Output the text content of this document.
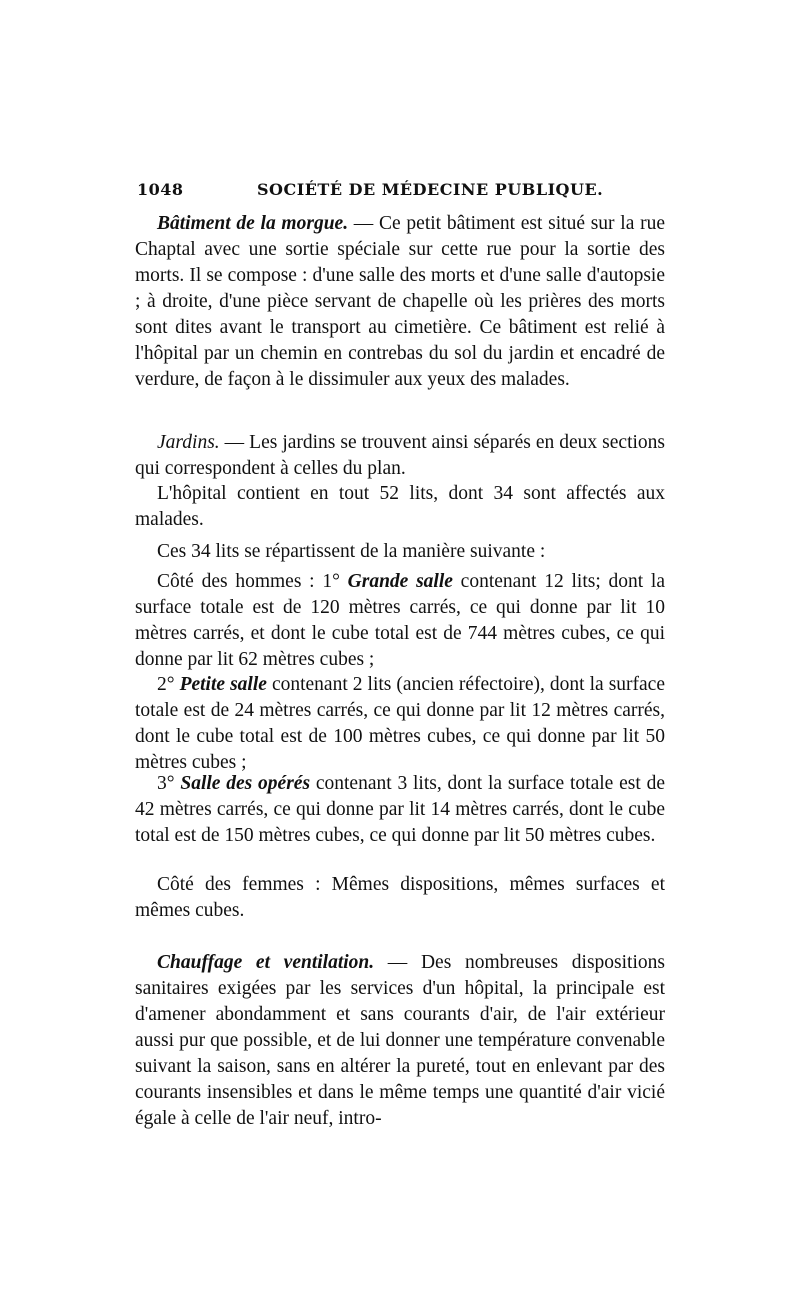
1048	SOCIÉTÉ DE MÉDECINE PUBLIQUE.

Bâtiment de la morgue. — Ce petit bâtiment est situé sur la rue Chaptal avec une sortie spéciale sur cette rue pour la sortie des morts. Il se compose : d'une salle des morts et d'une salle d'autopsie ; à droite, d'une pièce servant de chapelle où les prières des morts sont dites avant le transport au cimetière. Ce bâtiment est relié à l'hôpital par un chemin en contrebas du sol du jardin et encadré de verdure, de façon à le dissimuler aux yeux des malades.

Jardins. — Les jardins se trouvent ainsi séparés en deux sections qui correspondent à celles du plan.

L'hôpital contient en tout 52 lits, dont 34 sont affectés aux malades.

Ces 34 lits se répartissent de la manière suivante :

Côté des hommes : 1° Grande salle contenant 12 lits; dont la surface totale est de 120 mètres carrés, ce qui donne par lit 10 mètres carrés, et dont le cube total est de 744 mètres cubes, ce qui donne par lit 62 mètres cubes ;

2° Petite salle contenant 2 lits (ancien réfectoire), dont la surface totale est de 24 mètres carrés, ce qui donne par lit 12 mètres carrés, dont le cube total est de 100 mètres cubes, ce qui donne par lit 50 mètres cubes ;

3° Salle des opérés contenant 3 lits, dont la surface totale est de 42 mètres carrés, ce qui donne par lit 14 mètres carrés, dont le cube total est de 150 mètres cubes, ce qui donne par lit 50 mètres cubes.

Côté des femmes : Mêmes dispositions, mêmes surfaces et mêmes cubes.

Chauffage et ventilation. — Des nombreuses dispositions sanitaires exigées par les services d'un hôpital, la principale est d'amener abondamment et sans courants d'air, de l'air extérieur aussi pur que possible, et de lui donner une température convenable suivant la saison, sans en altérer la pureté, tout en enlevant par des courants insensibles et dans le même temps une quantité d'air vicié égale à celle de l'air neuf, intro-
